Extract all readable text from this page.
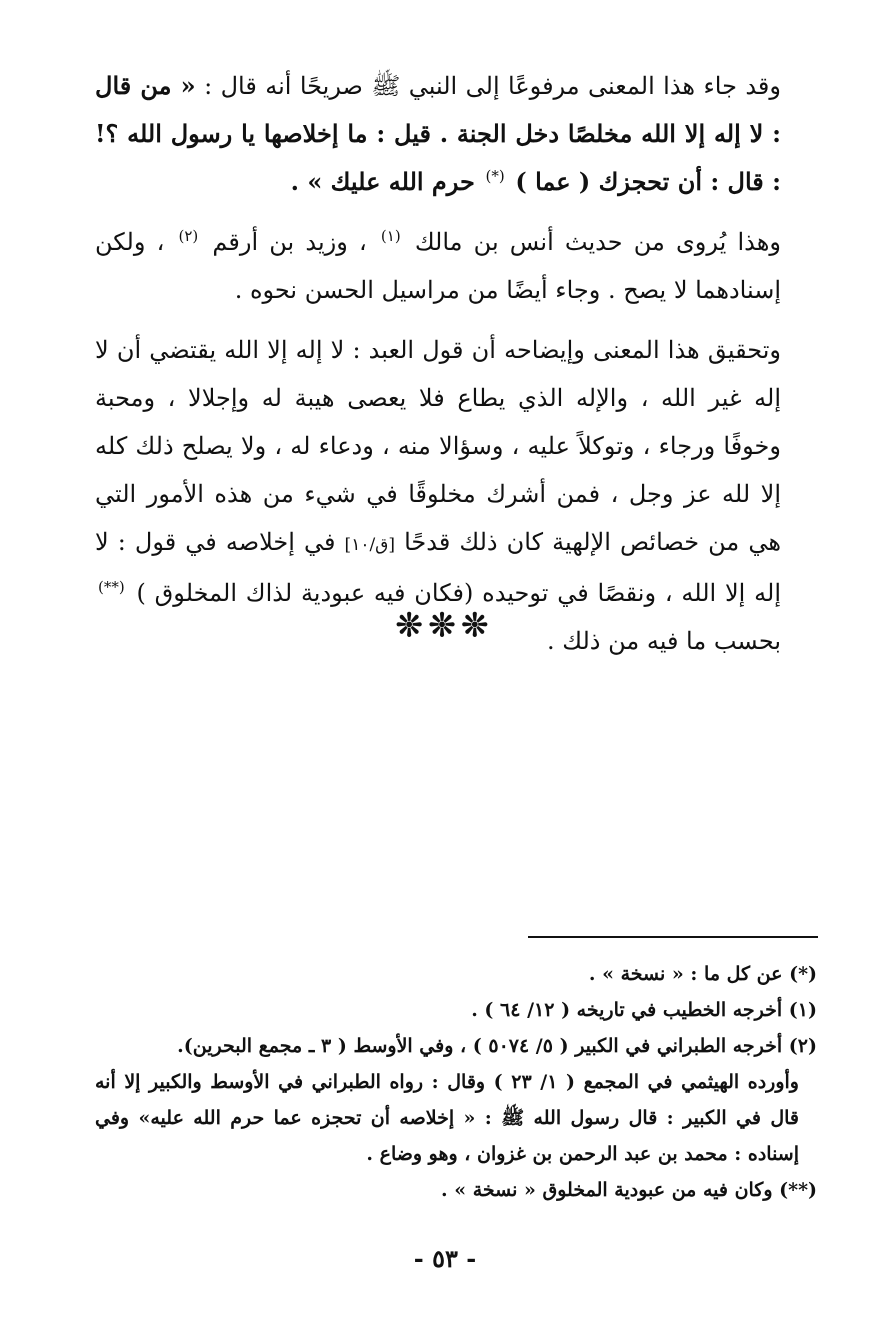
وقد جاء هذا المعنى مرفوعًا إلى النبي ﷺ صريحًا أنه قال : « من قال : لا إله إلا الله مخلصًا دخل الجنة . قيل : ما إخلاصها يا رسول الله ؟! : قال : أن تحجزك ( عما ) (*) حرم الله عليك » .

وهذا يُروى من حديث أنس بن مالك $^{(١)}$ ، وزيد بن أرقم $^{(٢)}$ ، ولكن إسنادهما لا يصح . وجاء أيضًا من مراسيل الحسن نحوه .

وتحقيق هذا المعنى وإيضاحه أن قول العبد : لا إله إلا الله يقتضي أن لا إله غير الله ، والإله الذي يطاع فلا يعصى هيبة له وإجلالا ، ومحبة وخوفًا ورجاء ، وتوكلاً عليه ، وسؤالا منه ، ودعاء له ، ولا يصلح ذلك كله إلا لله عز وجل ، فمن أشرك مخلوقًا في شيء من هذه الأمور التي هي من خصائص الإلهية كان ذلك قدحًا [ق/١٠] في إخلاصه في قول : لا إله إلا الله ، ونقصًا في توحيده (فكان فيه عبودية لذاك المخلوق ) (**) بحسب ما فيه من ذلك .

❊❊❊

(*) عن كل ما : « نسخة » .

(١) أخرجه الخطيب في تاريخه ( ١٢/ ٦٤ ) .

(٢) أخرجه الطبراني في الكبير ( ٥/ ٥٠٧٤ ) ، وفي الأوسط ( ٣ ـ مجمع البحرين).

وأورده الهيثمي في المجمع ( ١/ ٢٣ ) وقال : رواه الطبراني في الأوسط والكبير إلا أنه قال في الكبير : قال رسول الله ﷺ : « إخلاصه أن تحجزه عما حرم الله عليه» وفي إسناده : محمد بن عبد الرحمن بن غزوان ، وهو وضاع .

(**) وكان فيه من عبودية المخلوق « نسخة » .

- ٥٣ -
